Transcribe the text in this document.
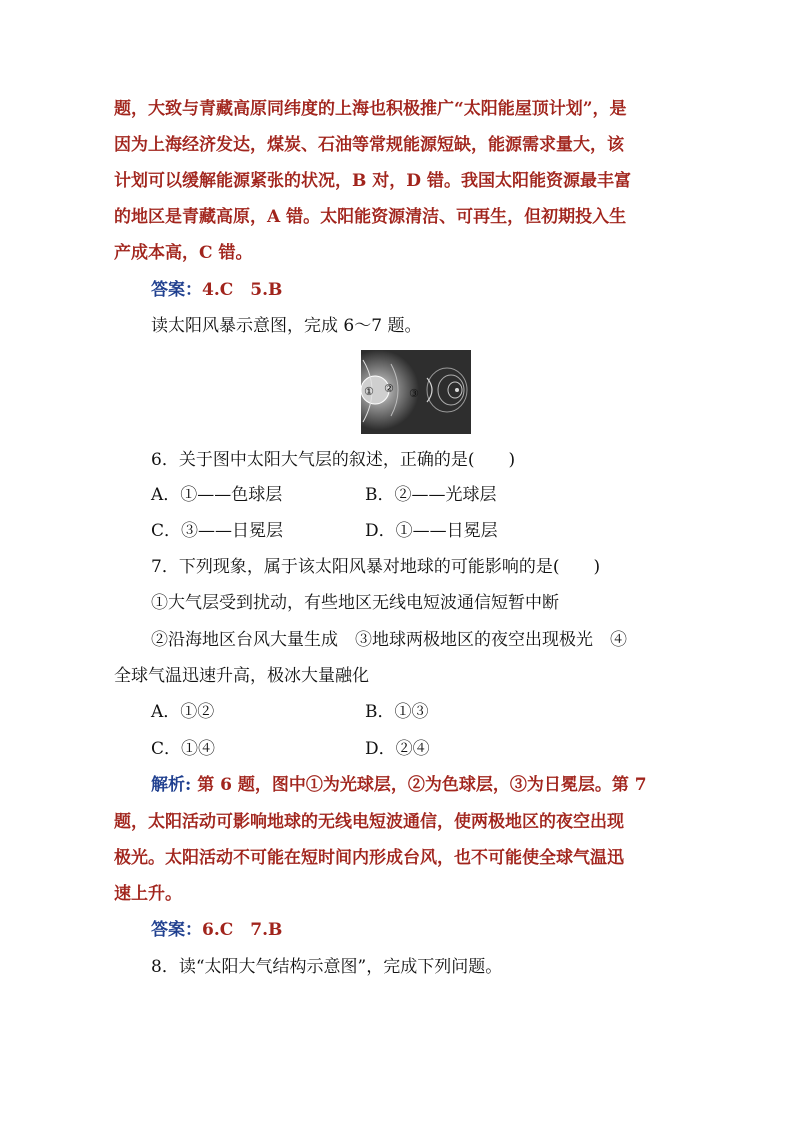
题，大致与青藏高原同纬度的上海也积极推广“太阳能屋顶计划”，是
因为上海经济发达，煤炭、石油等常规能源短缺，能源需求量大，该
计划可以缓解能源紧张的状况，B 对，D 错。我国太阳能资源最丰富
的地区是青藏高原，A 错。太阳能资源清洁、可再生，但初期投入生
产成本高，C 错。
答案：4.C　5.B
读太阳风暴示意图，完成 6～7 题。
① ② ③
6．关于图中太阳大气层的叙述，正确的是(　　)
A．①——色球层	B．②——光球层
C．③——日冕层	D．①——日冕层
7．下列现象，属于该太阳风暴对地球的可能影响的是(　　)
①大气层受到扰动，有些地区无线电短波通信短暂中断
②沿海地区台风大量生成　③地球两极地区的夜空出现极光　④
全球气温迅速升高，极冰大量融化
A．①②	B．①③
C．①④	D．②④
解析: 第 6 题，图中①为光球层，②为色球层，③为日冕层。第 7
题，太阳活动可影响地球的无线电短波通信，使两极地区的夜空出现
极光。太阳活动不可能在短时间内形成台风，也不可能使全球气温迅
速上升。
答案：6.C　7.B
8．读“太阳大气结构示意图”，完成下列问题。
